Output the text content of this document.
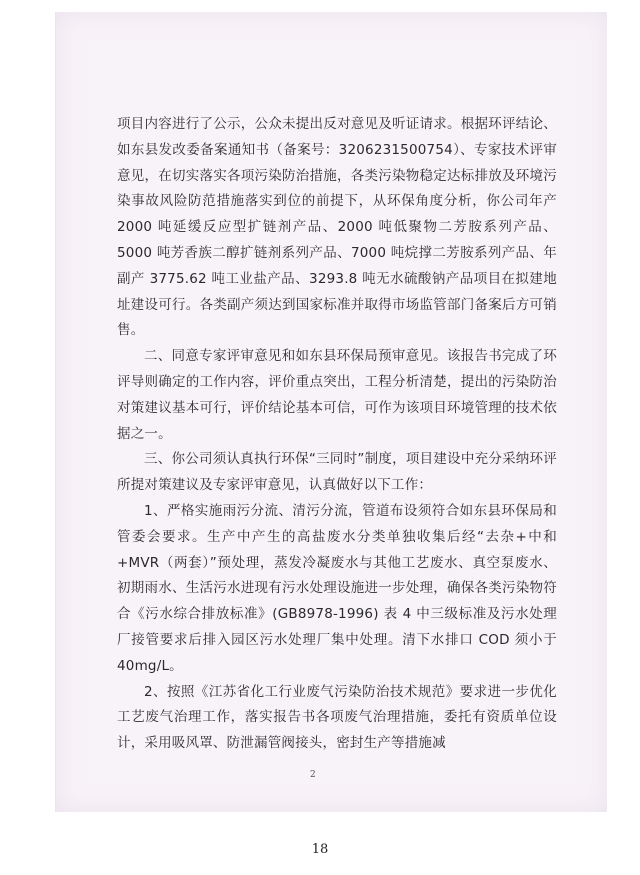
项目内容进行了公示，公众未提出反对意见及听证请求。根据环评结论、如东县发改委备案通知书（备案号：3206231500754）、专家技术评审意见，在切实落实各项污染防治措施，各类污染物稳定达标排放及环境污染事故风险防范措施落实到位的前提下，从环保角度分析，你公司年产 2000 吨延缓反应型扩链剂产品、2000 吨低聚物二芳胺系列产品、5000 吨芳香族二醇扩链剂系列产品、7000 吨烷撑二芳胺系列产品、年副产 3775.62 吨工业盐产品、3293.8 吨无水硫酸钠产品项目在拟建地址建设可行。各类副产须达到国家标准并取得市场监管部门备案后方可销售。

二、同意专家评审意见和如东县环保局预审意见。该报告书完成了环评导则确定的工作内容，评价重点突出，工程分析清楚，提出的污染防治对策建议基本可行，评价结论基本可信，可作为该项目环境管理的技术依据之一。

三、你公司须认真执行环保“三同时”制度，项目建设中充分采纳环评所提对策建议及专家评审意见，认真做好以下工作：

1、严格实施雨污分流、清污分流，管道布设须符合如东县环保局和管委会要求。生产中产生的高盐废水分类单独收集后经“去杂+中和+MVR（两套）”预处理，蒸发冷凝废水与其他工艺废水、真空泵废水、初期雨水、生活污水进现有污水处理设施进一步处理，确保各类污染物符合《污水综合排放标准》(GB8978-1996) 表 4 中三级标准及污水处理厂接管要求后排入园区污水处理厂集中处理。清下水排口 COD 须小于 40mg/L。

2、按照《江苏省化工行业废气污染防治技术规范》要求进一步优化工艺废气治理工作，落实报告书各项废气治理措施，委托有资质单位设计，采用吸风罩、防泄漏管阀接头，密封生产等措施减

2
18
